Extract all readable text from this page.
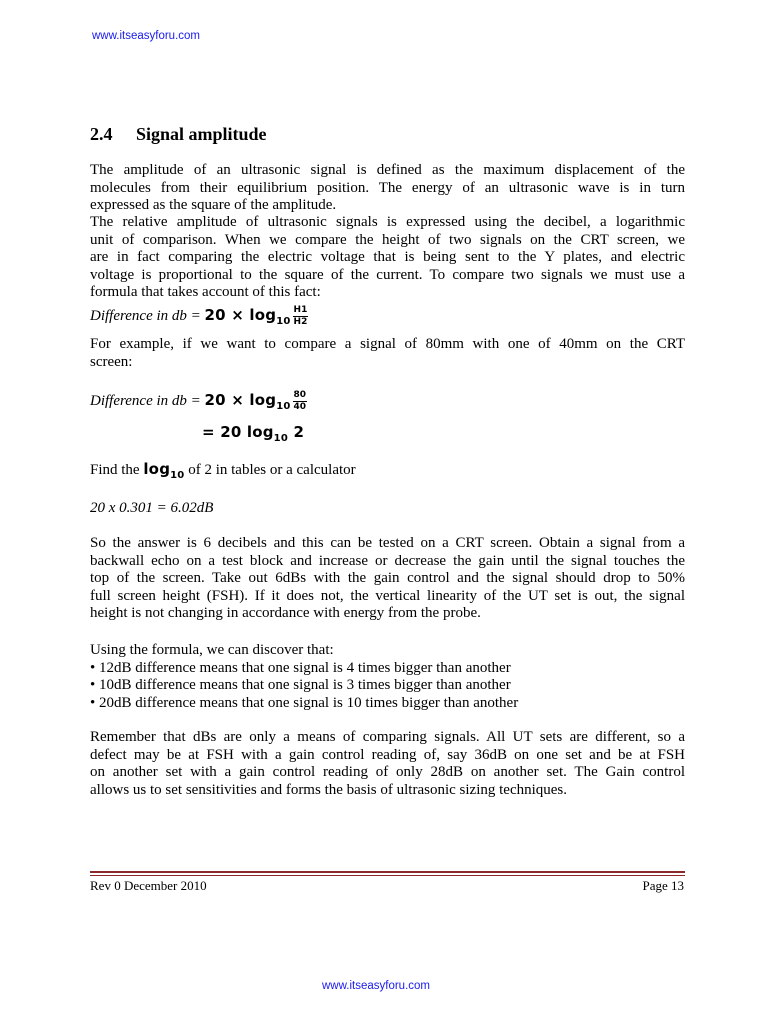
www.itseasyforu.com
2.4 Signal amplitude
The amplitude of an ultrasonic signal is defined as the maximum displacement of the
molecules from their equilibrium position. The energy of an ultrasonic wave is in turn
expressed as the square of the amplitude.
The relative amplitude of ultrasonic signals is expressed using the decibel, a logarithmic
unit of comparison. When we compare the height of two signals on the CRT screen, we
are in fact comparing the electric voltage that is being sent to the Y plates, and electric
voltage is proportional to the square of the current. To compare two signals we must use a
formula that takes account of this fact:
Difference in db = $20 \times \log_{10} \frac{H1}{H2}$
For example, if we want to compare a signal of 80mm with one of 40mm on the CRT
screen:
Difference in db = $20 \times \log_{10} \frac{80}{40}$
= 20 $\log_{10} 2$
Find the $\log_{10}$ of 2 in tables or a calculator
20 x 0.301 = 6.02dB
So the answer is 6 decibels and this can be tested on a CRT screen. Obtain a signal from a
backwall echo on a test block and increase or decrease the gain until the signal touches the
top of the screen. Take out 6dBs with the gain control and the signal should drop to 50%
full screen height (FSH). If it does not, the vertical linearity of the UT set is out, the signal
height is not changing in accordance with energy from the probe.
Using the formula, we can discover that:
• 12dB difference means that one signal is 4 times bigger than another
• 10dB difference means that one signal is 3 times bigger than another
• 20dB difference means that one signal is 10 times bigger than another
Remember that dBs are only a means of comparing signals. All UT sets are different, so a
defect may be at FSH with a gain control reading of, say 36dB on one set and be at FSH
on another set with a gain control reading of only 28dB on another set. The Gain control
allows us to set sensitivities and forms the basis of ultrasonic sizing techniques.
Rev 0 December 2010	Page 13
www.itseasyforu.com
